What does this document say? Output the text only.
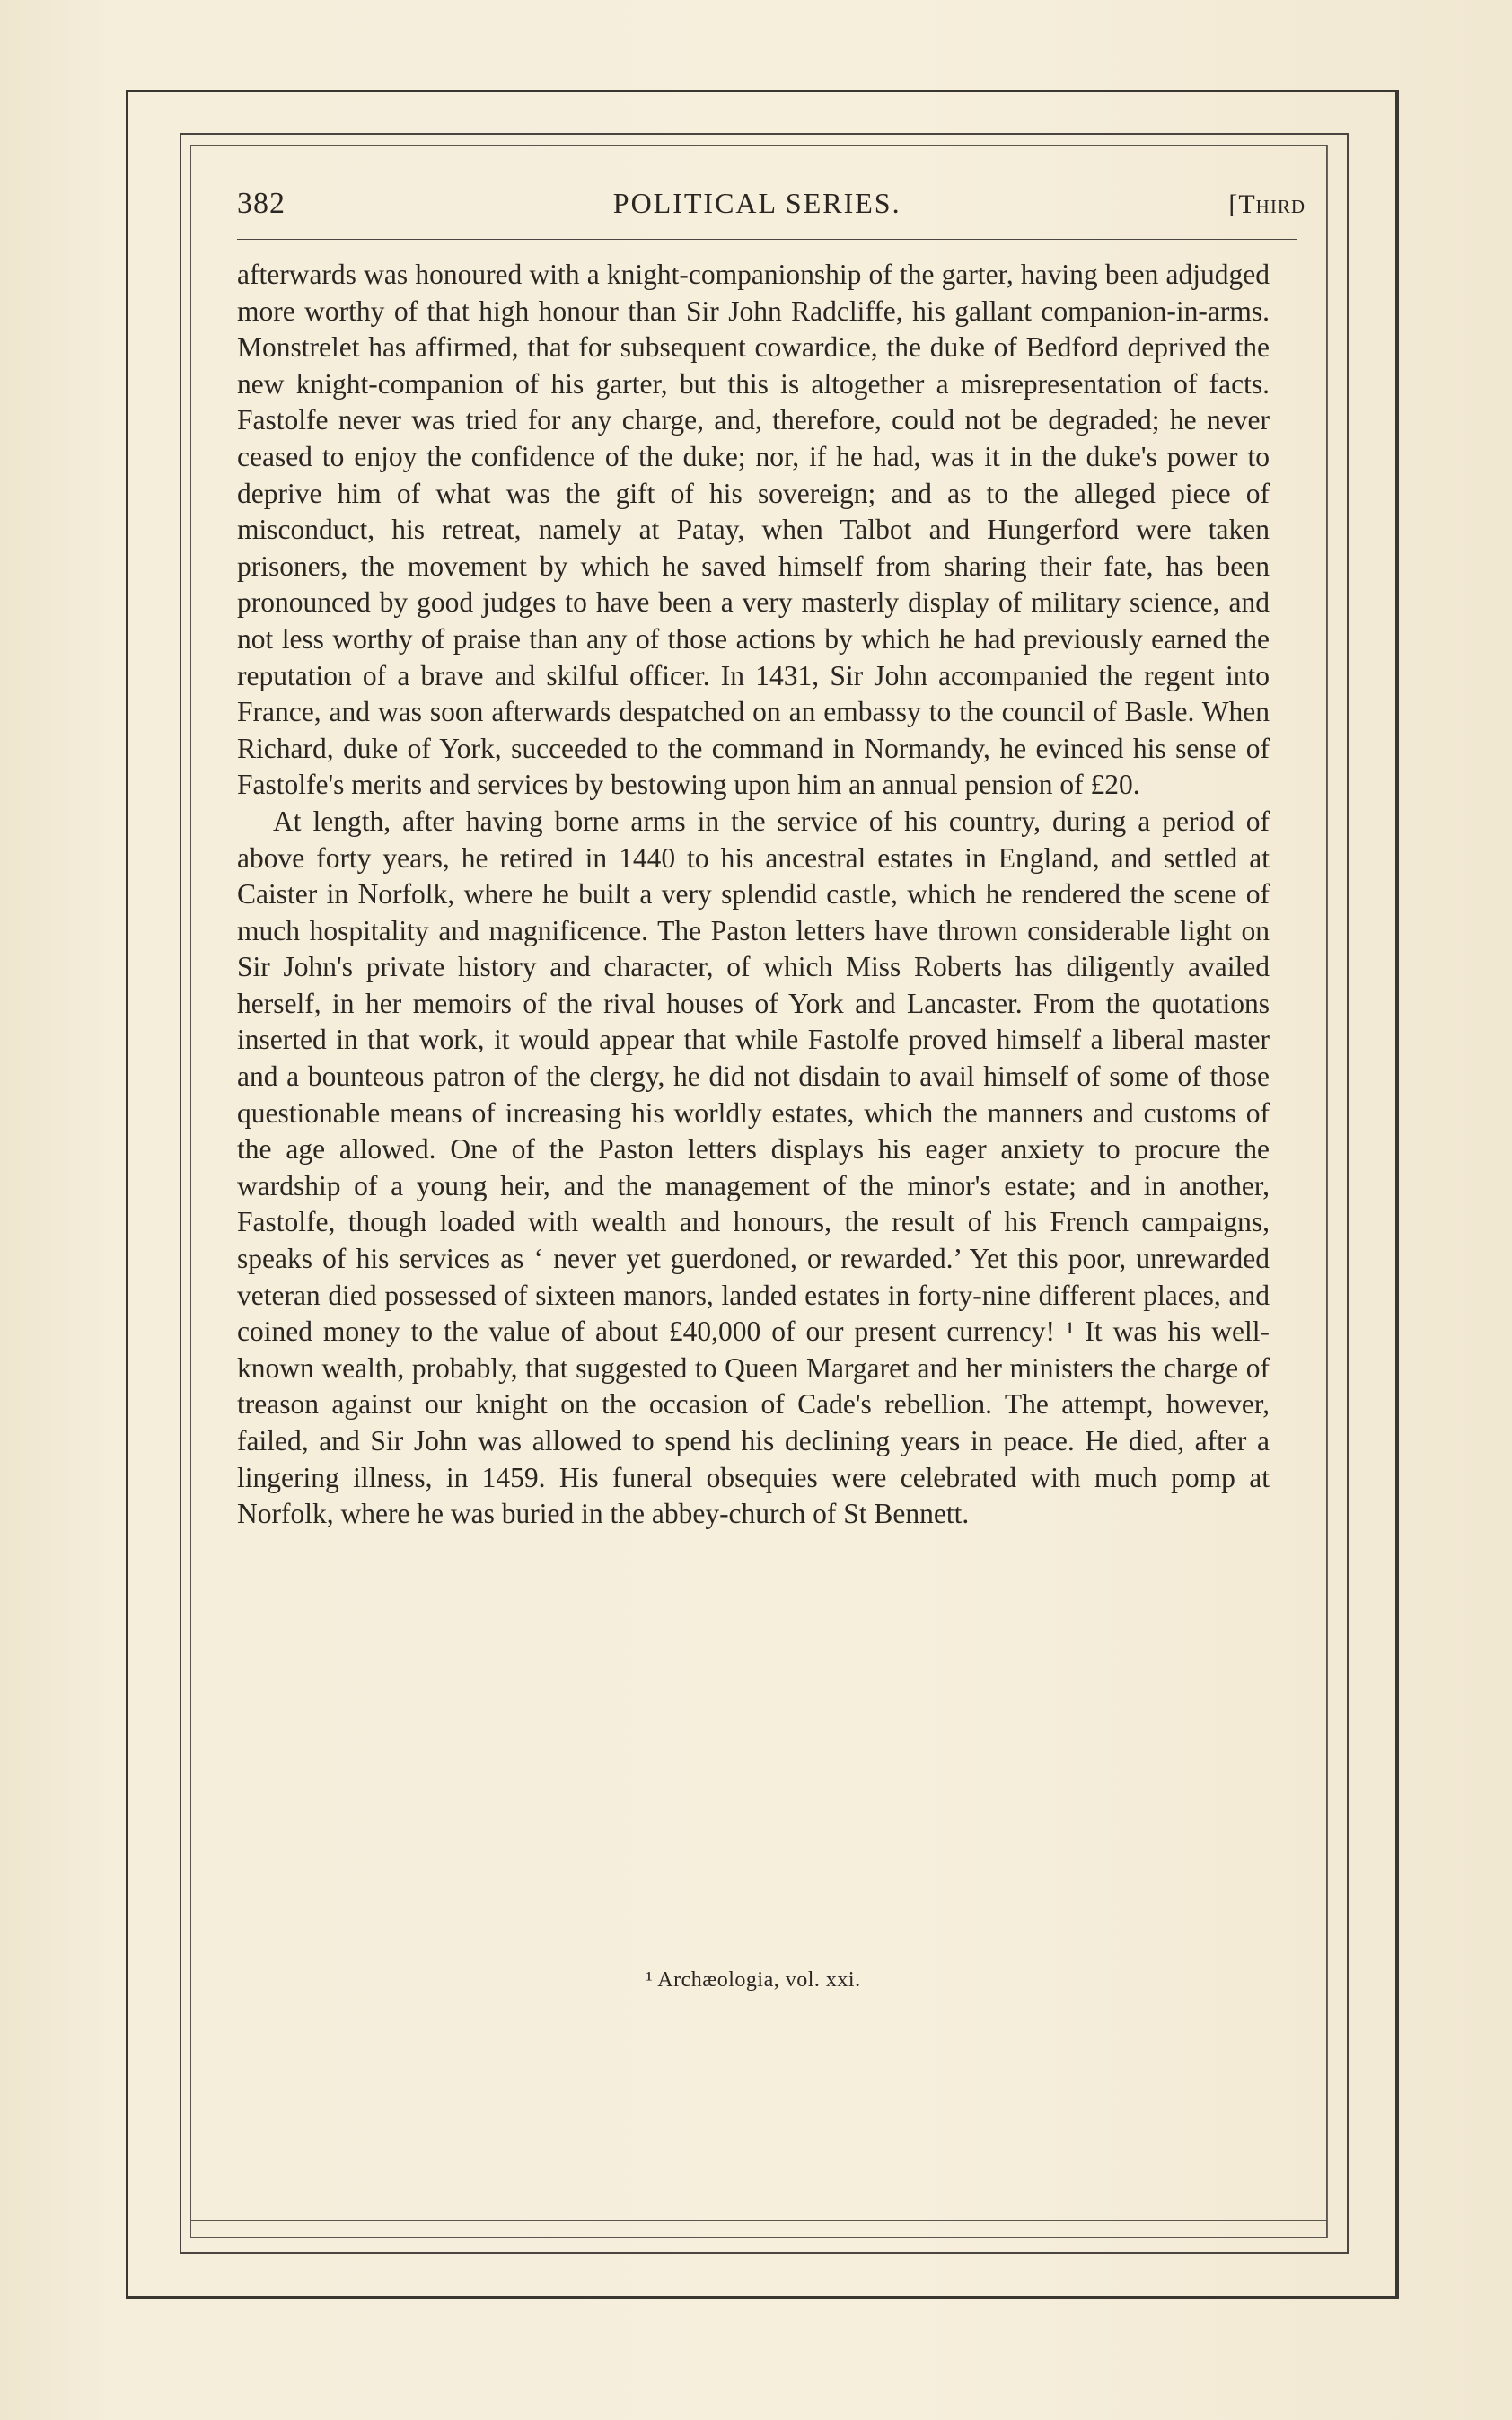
382	POLITICAL SERIES.	[Third

afterwards was honoured with a knight-companionship of the garter, having been adjudged more worthy of that high honour than Sir John Radcliffe, his gallant companion-in-arms. Monstrelet has affirmed, that for subsequent cowardice, the duke of Bedford deprived the new knight-companion of his garter, but this is altogether a misrepresentation of facts. Fastolfe never was tried for any charge, and, therefore, could not be degraded; he never ceased to enjoy the confidence of the duke; nor, if he had, was it in the duke's power to deprive him of what was the gift of his sovereign; and as to the alleged piece of misconduct, his retreat, namely at Patay, when Talbot and Hungerford were taken prisoners, the movement by which he saved himself from sharing their fate, has been pronounced by good judges to have been a very masterly display of military science, and not less worthy of praise than any of those actions by which he had previously earned the reputation of a brave and skilful officer. In 1431, Sir John accompanied the regent into France, and was soon afterwards despatched on an embassy to the council of Basle. When Richard, duke of York, succeeded to the command in Normandy, he evinced his sense of Fastolfe's merits and services by bestowing upon him an annual pension of £20.

At length, after having borne arms in the service of his country, during a period of above forty years, he retired in 1440 to his ancestral estates in England, and settled at Caister in Norfolk, where he built a very splendid castle, which he rendered the scene of much hospitality and magnificence. The Paston letters have thrown considerable light on Sir John's private history and character, of which Miss Roberts has diligently availed herself, in her memoirs of the rival houses of York and Lancaster. From the quotations inserted in that work, it would appear that while Fastolfe proved himself a liberal master and a bounteous patron of the clergy, he did not disdain to avail himself of some of those questionable means of increasing his worldly estates, which the manners and customs of the age allowed. One of the Paston letters displays his eager anxiety to procure the wardship of a young heir, and the management of the minor's estate; and in another, Fastolfe, though loaded with wealth and honours, the result of his French campaigns, speaks of his services as ‘ never yet guerdoned, or rewarded.’ Yet this poor, unrewarded veteran died possessed of sixteen manors, landed estates in forty-nine different places, and coined money to the value of about £40,000 of our present currency! ¹ It was his well-known wealth, probably, that suggested to Queen Margaret and her ministers the charge of treason against our knight on the occasion of Cade's rebellion. The attempt, however, failed, and Sir John was allowed to spend his declining years in peace. He died, after a lingering illness, in 1459. His funeral obsequies were celebrated with much pomp at Norfolk, where he was buried in the abbey-church of St Bennett.

¹ Archæologia, vol. xxi.
